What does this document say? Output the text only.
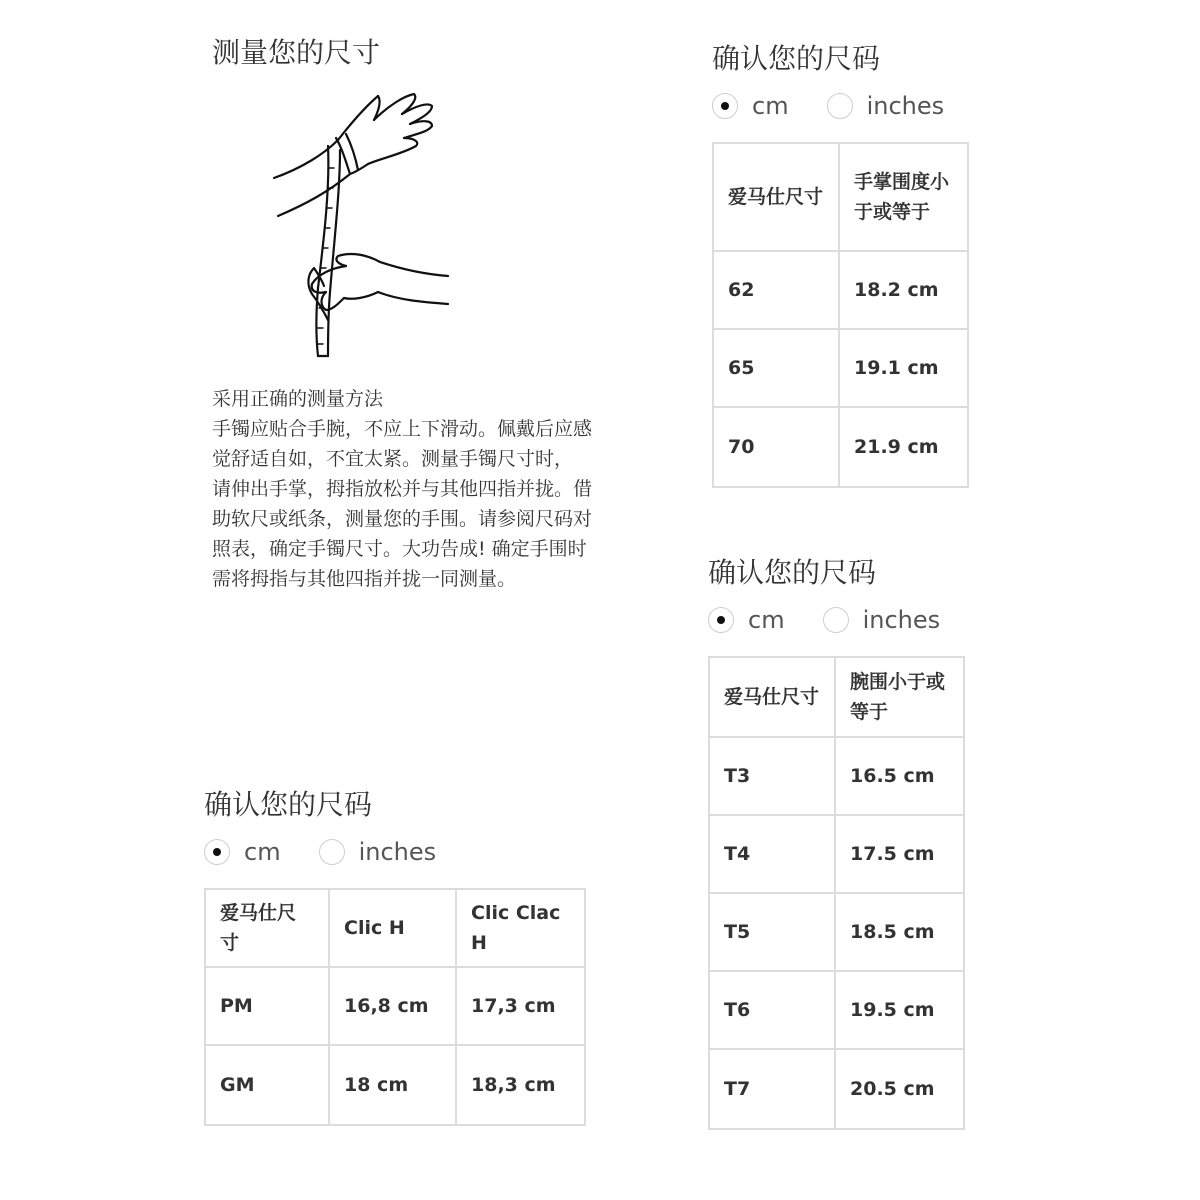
测量您的尺寸

采用正确的测量方法

手镯应贴合手腕，不应上下滑动。佩戴后应感觉舒适自如，不宜太紧。测量手镯尺寸时， 请伸出手掌，拇指放松并与其他四指并拢。借助软尺或纸条，测量您的手围。请参阅尺码对照表，确定手镯尺寸。大功告成! 确定手围时需将拇指与其他四指并拢一同测量。

确认您的尺码
cm	inches
爱马仕尺寸	手掌围度小于或等于
62	18.2 cm
65	19.1 cm
70	21.9 cm
确认您的尺码
cm	inches
爱马仕尺寸	腕围小于或等于
T3	16.5 cm
T4	17.5 cm
T5	18.5 cm
T6	19.5 cm
T7	20.5 cm
确认您的尺码
cm	inches
爱马仕尺寸	Clic H	Clic Clac H
PM	16,8 cm	17,3 cm
GM	18 cm	18,3 cm
